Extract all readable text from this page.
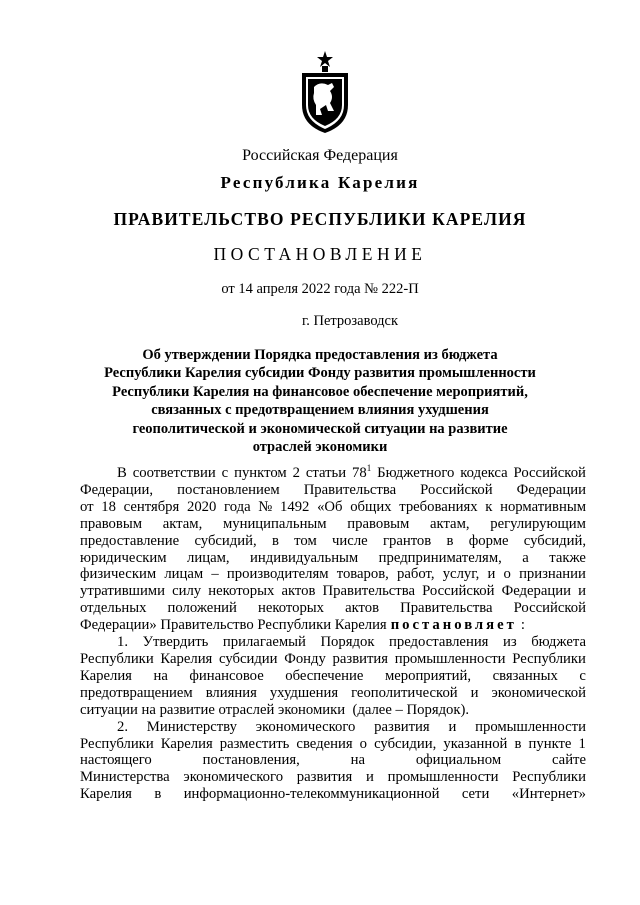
Российская Федерация
Республика Карелия
ПРАВИТЕЛЬСТВО РЕСПУБЛИКИ КАРЕЛИЯ
ПОСТАНОВЛЕНИЕ
от 14 апреля 2022 года № 222-П
г. Петрозаводск
Об утверждении Порядка предоставления из бюджета
Республики Карелия субсидии Фонду развития промышленности
Республики Карелия на финансовое обеспечение мероприятий,
связанных с предотвращением влияния ухудшения
геополитической и экономической ситуации на развитие
отраслей экономики
В соответствии с пунктом 2 статьи $78^1$ Бюджетного кодекса Российской
Федерации, постановлением Правительства Российской Федерации
от 18 сентября 2020 года № 1492 «Об общих требованиях к нормативным
правовым актам, муниципальным правовым актам, регулирующим
предоставление субсидий, в том числе грантов в форме субсидий,
юридическим лицам, индивидуальным предпринимателям, а также
физическим лицам – производителям товаров, работ, услуг, и о признании
утратившими силу некоторых актов Правительства Российской Федерации и
отдельных положений некоторых актов Правительства Российской
Федерации» Правительство Республики Карелия постановляет :
1. Утвердить прилагаемый Порядок предоставления из бюджета
Республики Карелия субсидии Фонду развития промышленности Республики
Карелия на финансовое обеспечение мероприятий, связанных с
предотвращением влияния ухудшения геополитической и экономической
ситуации на развитие отраслей экономики  (далее – Порядок).
2. Министерству экономического развития и промышленности
Республики Карелия разместить сведения о субсидии, указанной в пункте 1
настоящего	постановления,	на	официальном	сайте
Министерства экономического развития и промышленности Республики
Карелия в информационно-телекоммуникационной сети «Интернет»
